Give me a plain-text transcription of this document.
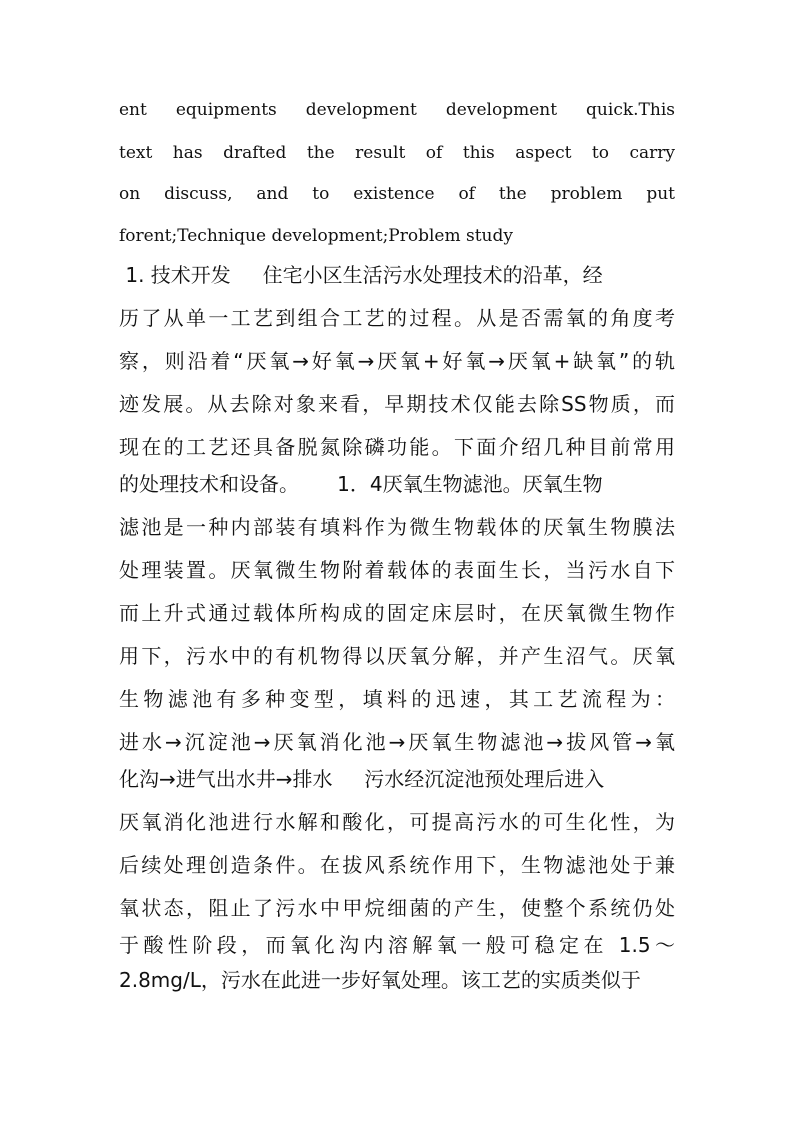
ent equipments development development quick.This
text has drafted the result of this aspect to carry
on discuss, and to existence of the problem put
forent;Technique development;Problem study
1. 技术开发     住宅小区生活污水处理技术的沿革，经
历了从单一工艺到组合工艺的过程。从是否需氧的角度考
察，则沿着“厌氧→好氧→厌氧+好氧→厌氧+缺氧”的轨
迹发展。从去除对象来看，早期技术仅能去除SS物质，而
现在的工艺还具备脱氮除磷功能。下面介绍几种目前常用
的处理技术和设备。      1．4厌氧生物滤池。厌氧生物
滤池是一种内部装有填料作为微生物载体的厌氧生物膜法
处理装置。厌氧微生物附着载体的表面生长，当污水自下
而上升式通过载体所构成的固定床层时，在厌氧微生物作
用下，污水中的有机物得以厌氧分解，并产生沼气。厌氧
生物滤池有多种变型，填料的迅速，其工艺流程为：
进水→沉淀池→厌氧消化池→厌氧生物滤池→拔风管→氧
化沟→进气出水井→排水     污水经沉淀池预处理后进入
厌氧消化池进行水解和酸化，可提高污水的可生化性，为
后续处理创造条件。在拔风系统作用下，生物滤池处于兼
氧状态，阻止了污水中甲烷细菌的产生，使整个系统仍处
于酸性阶段，而氧化沟内溶解氧一般可稳定在 1.5～
2.8mg/L，污水在此进一步好氧处理。该工艺的实质类似于
